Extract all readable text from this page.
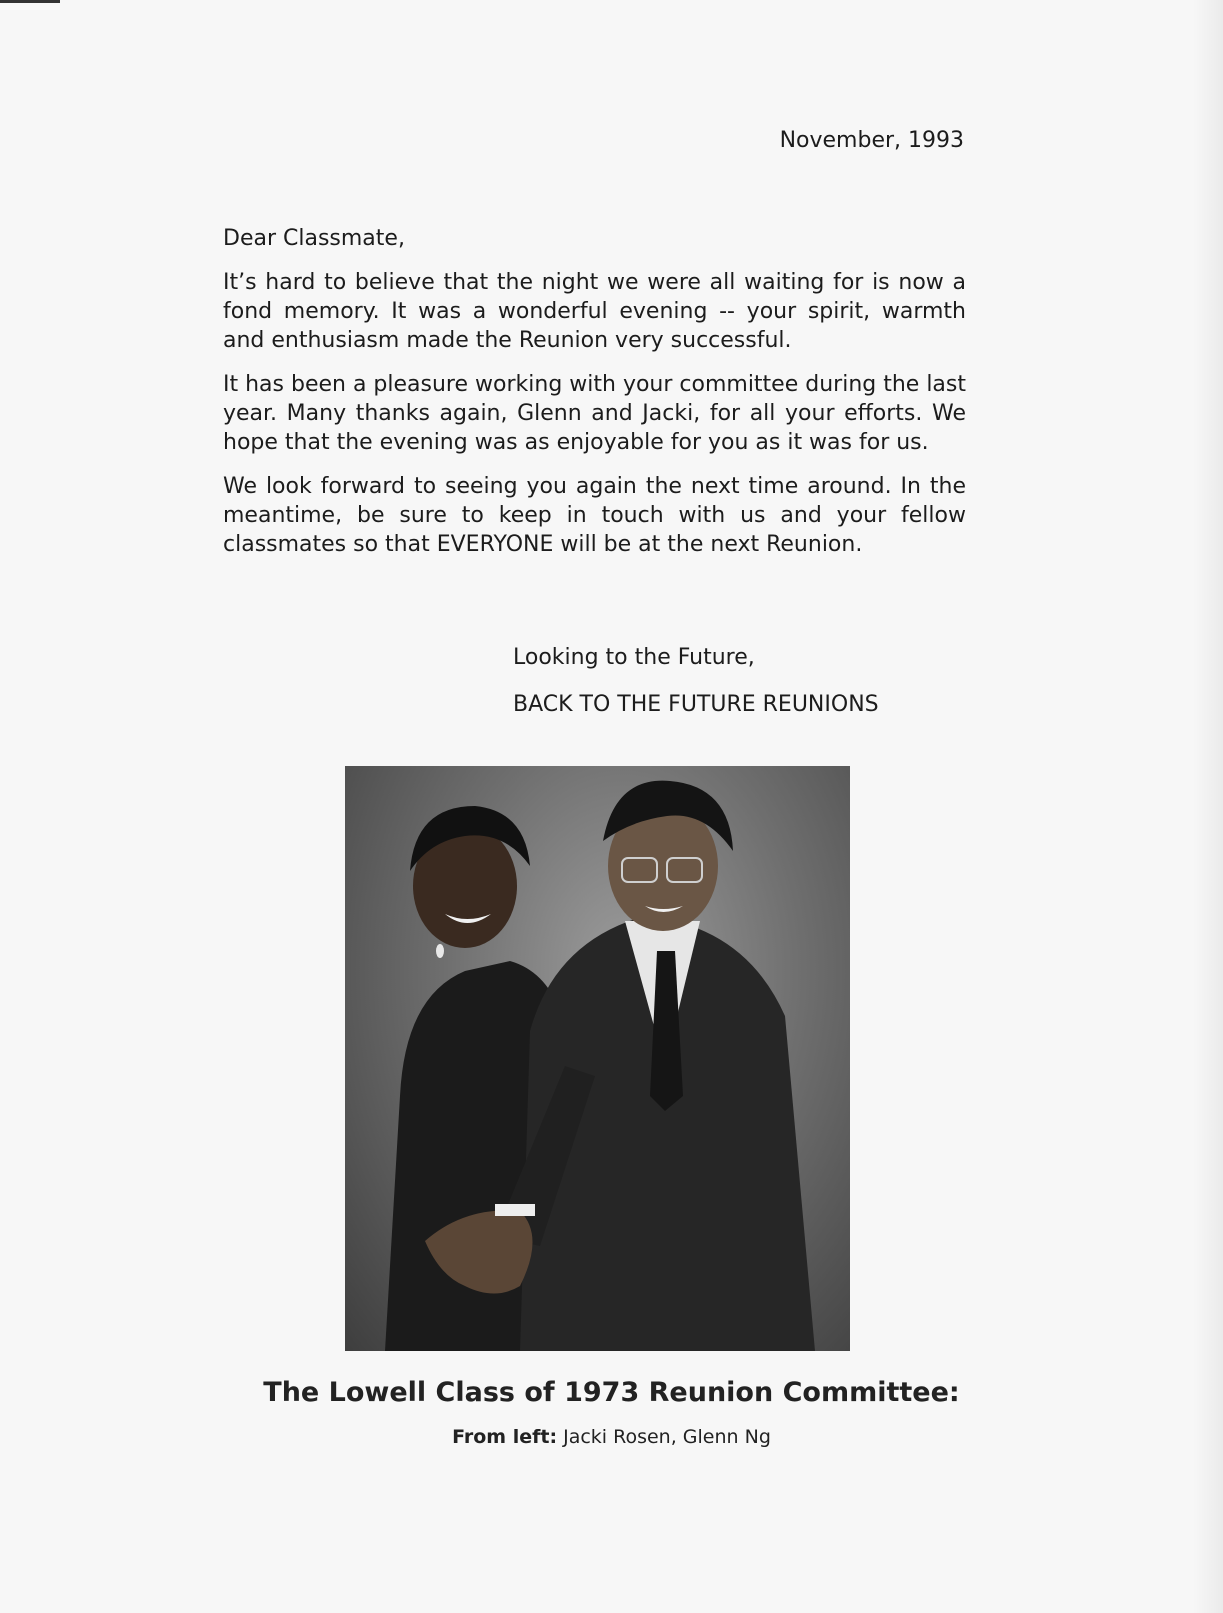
November, 1993
Dear Classmate,

It’s hard to believe that the night we were all waiting for is now a fond memory. It was a wonderful evening -- your spirit, warmth and enthusiasm made the Reunion very successful.

It has been a pleasure working with your committee during the last year. Many thanks again, Glenn and Jacki, for all your efforts. We hope that the evening was as enjoyable for you as it was for us.

We look forward to seeing you again the next time around. In the meantime, be sure to keep in touch with us and your fellow classmates so that EVERYONE will be at the next Reunion.

Looking to the Future,
BACK TO THE FUTURE REUNIONS
The Lowell Class of 1973 Reunion Committee:
From left: Jacki Rosen, Glenn Ng
